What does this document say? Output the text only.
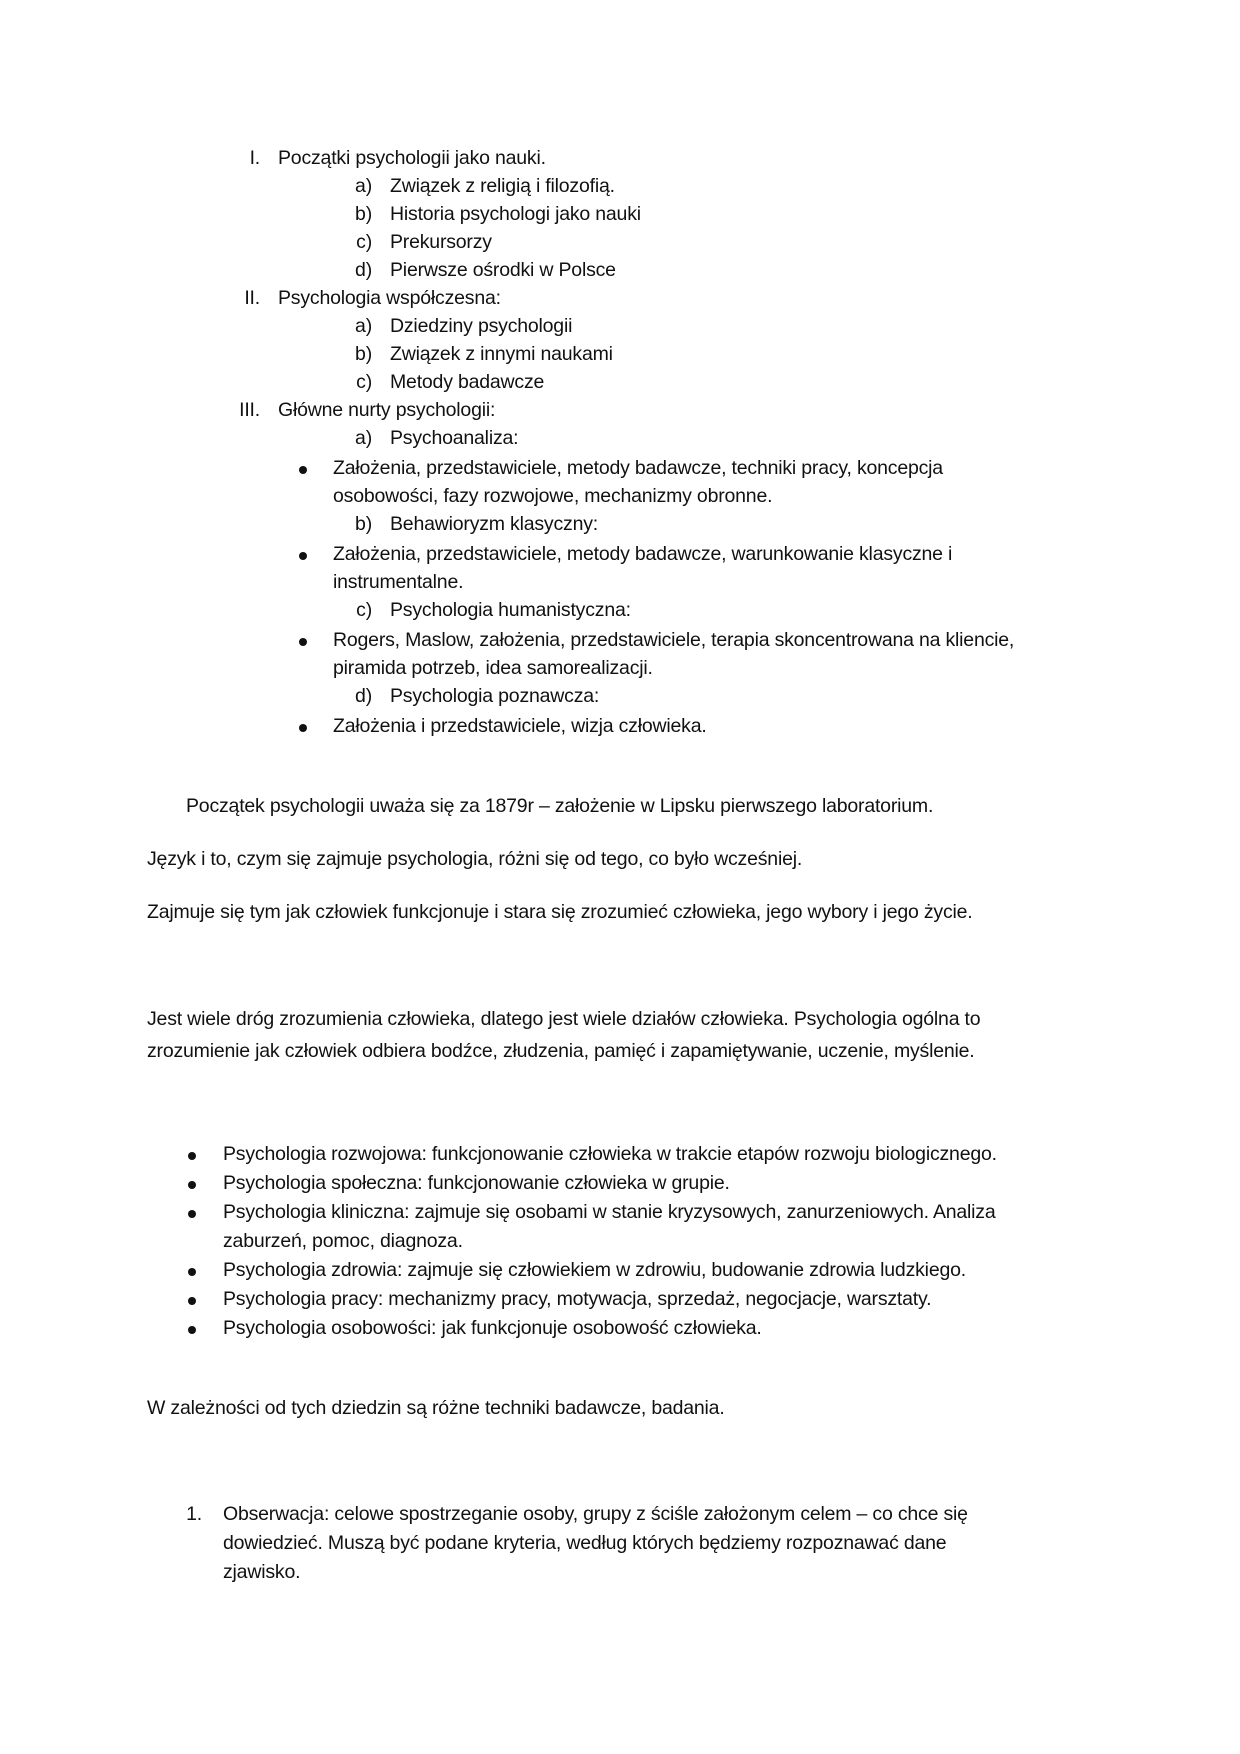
I. Początki psychologii jako nauki.
a) Związek z religią i filozofią.
b) Historia psychologi jako nauki
c) Prekursorzy
d) Pierwsze ośrodki w Polsce
II. Psychologia współczesna:
a) Dziedziny psychologii
b) Związek z innymi naukami
c) Metody badawcze
III. Główne nurty psychologii:
a) Psychoanaliza:
Założenia, przedstawiciele, metody badawcze, techniki pracy, koncepcja
osobowości, fazy rozwojowe, mechanizmy obronne.
b) Behawioryzm klasyczny:
Założenia, przedstawiciele, metody badawcze, warunkowanie klasyczne i
instrumentalne.
c) Psychologia humanistyczna:
Rogers, Maslow, założenia, przedstawiciele, terapia skoncentrowana na kliencie,
piramida potrzeb, idea samorealizacji.
d) Psychologia poznawcza:
Założenia i przedstawiciele, wizja człowieka.
Początek psychologii uważa się za 1879r – założenie w Lipsku pierwszego laboratorium.
Język i to, czym się zajmuje psychologia, różni się od tego, co było wcześniej.
Zajmuje się tym jak człowiek funkcjonuje i stara się zrozumieć człowieka, jego wybory i jego życie.
Jest wiele dróg zrozumienia człowieka, dlatego jest wiele działów człowieka. Psychologia ogólna to
zrozumienie jak człowiek odbiera bodźce, złudzenia, pamięć i zapamiętywanie, uczenie, myślenie.
Psychologia rozwojowa: funkcjonowanie człowieka w trakcie etapów rozwoju biologicznego.
Psychologia społeczna: funkcjonowanie człowieka w grupie.
Psychologia kliniczna: zajmuje się osobami w stanie kryzysowych, zanurzeniowych. Analiza
zaburzeń, pomoc, diagnoza.
Psychologia zdrowia: zajmuje się człowiekiem w zdrowiu, budowanie zdrowia ludzkiego.
Psychologia pracy: mechanizmy pracy, motywacja, sprzedaż, negocjacje, warsztaty.
Psychologia osobowości: jak funkcjonuje osobowość człowieka.
W zależności od tych dziedzin są różne techniki badawcze, badania.
1. Obserwacja: celowe spostrzeganie osoby, grupy z ściśle założonym celem – co chce się
dowiedzieć. Muszą być podane kryteria, według których będziemy rozpoznawać dane
zjawisko.
